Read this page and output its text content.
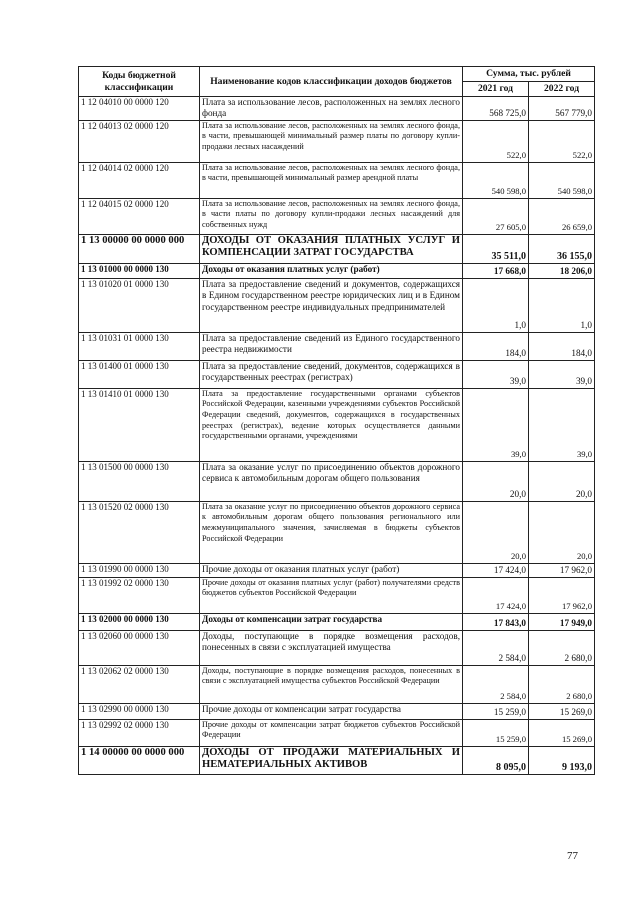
Коды бюджетной классификации	Наименование кодов классификации доходов бюджетов	Сумма, тыс. рублей	
		2021 год	2022 год
1 12 04010 00 0000 120	Плата за использование лесов, расположенных на землях лесного фонда	568 725,0	567 779,0
1 12 04013 02 0000 120	Плата за использование лесов, расположенных на землях лесного фонда, в части, превышающей минимальный размер платы по договору купли-продажи лесных насаждений	522,0	522,0
1 12 04014 02 0000 120	Плата за использование лесов, расположенных на землях лесного фонда, в части, превышающей минимальный размер арендной платы	540 598,0	540 598,0
1 12 04015 02 0000 120	Плата за использование лесов, расположенных на землях лесного фонда, в части платы по договору купли-продажи лесных насаждений для собственных нужд	27 605,0	26 659,0
1 13 00000 00 0000 000	ДОХОДЫ ОТ ОКАЗАНИЯ ПЛАТНЫХ УСЛУГ И КОМПЕНСАЦИИ ЗАТРАТ ГОСУДАРСТВА	35 511,0	36 155,0
1 13 01000 00 0000 130	Доходы от оказания платных услуг (работ)	17 668,0	18 206,0
1 13 01020 01 0000 130	Плата за предоставление сведений и документов, содержащихся в Едином государственном реестре юридических лиц и в Едином государственном реестре индивидуальных предпринимателей	1,0	1,0
1 13 01031 01 0000 130	Плата за предоставление сведений из Единого государственного реестра недвижимости	184,0	184,0
1 13 01400 01 0000 130	Плата за предоставление сведений, документов, содержащихся в государственных реестрах (регистрах)	39,0	39,0
1 13 01410 01 0000 130	Плата за предоставление государственными органами субъектов Российской Федерации, казенными учреждениями субъектов Российской Федерации сведений, документов, содержащихся в государственных реестрах (регистрах), ведение которых осуществляется данными государственными органами, учреждениями	39,0	39,0
1 13 01500 00 0000 130	Плата за оказание услуг по присоединению объектов дорожного сервиса к автомобильным дорогам общего пользования	20,0	20,0
1 13 01520 02 0000 130	Плата за оказание услуг по присоединению объектов дорожного сервиса к автомобильным дорогам общего пользования регионального или межмуниципального значения, зачисляемая в бюджеты субъектов Российской Федерации	20,0	20,0
1 13 01990 00 0000 130	Прочие доходы от оказания платных услуг (работ)	17 424,0	17 962,0
1 13 01992 02 0000 130	Прочие доходы от оказания платных услуг (работ) получателями средств бюджетов субъектов Российской Федерации	17 424,0	17 962,0
1 13 02000 00 0000 130	Доходы от компенсации затрат государства	17 843,0	17 949,0
1 13 02060 00 0000 130	Доходы, поступающие в порядке возмещения расходов, понесенных в связи с эксплуатацией имущества	2 584,0	2 680,0
1 13 02062 02 0000 130	Доходы, поступающие в порядке возмещения расходов, понесенных в связи с эксплуатацией имущества субъектов Российской Федерации	2 584,0	2 680,0
1 13 02990 00 0000 130	Прочие доходы от компенсации затрат государства	15 259,0	15 269,0
1 13 02992 02 0000 130	Прочие доходы от компенсации затрат бюджетов субъектов Российской Федерации	15 259,0	15 269,0
1 14 00000 00 0000 000	ДОХОДЫ ОТ ПРОДАЖИ МАТЕРИАЛЬНЫХ И НЕМАТЕРИАЛЬНЫХ АКТИВОВ	8 095,0	9 193,0
77
